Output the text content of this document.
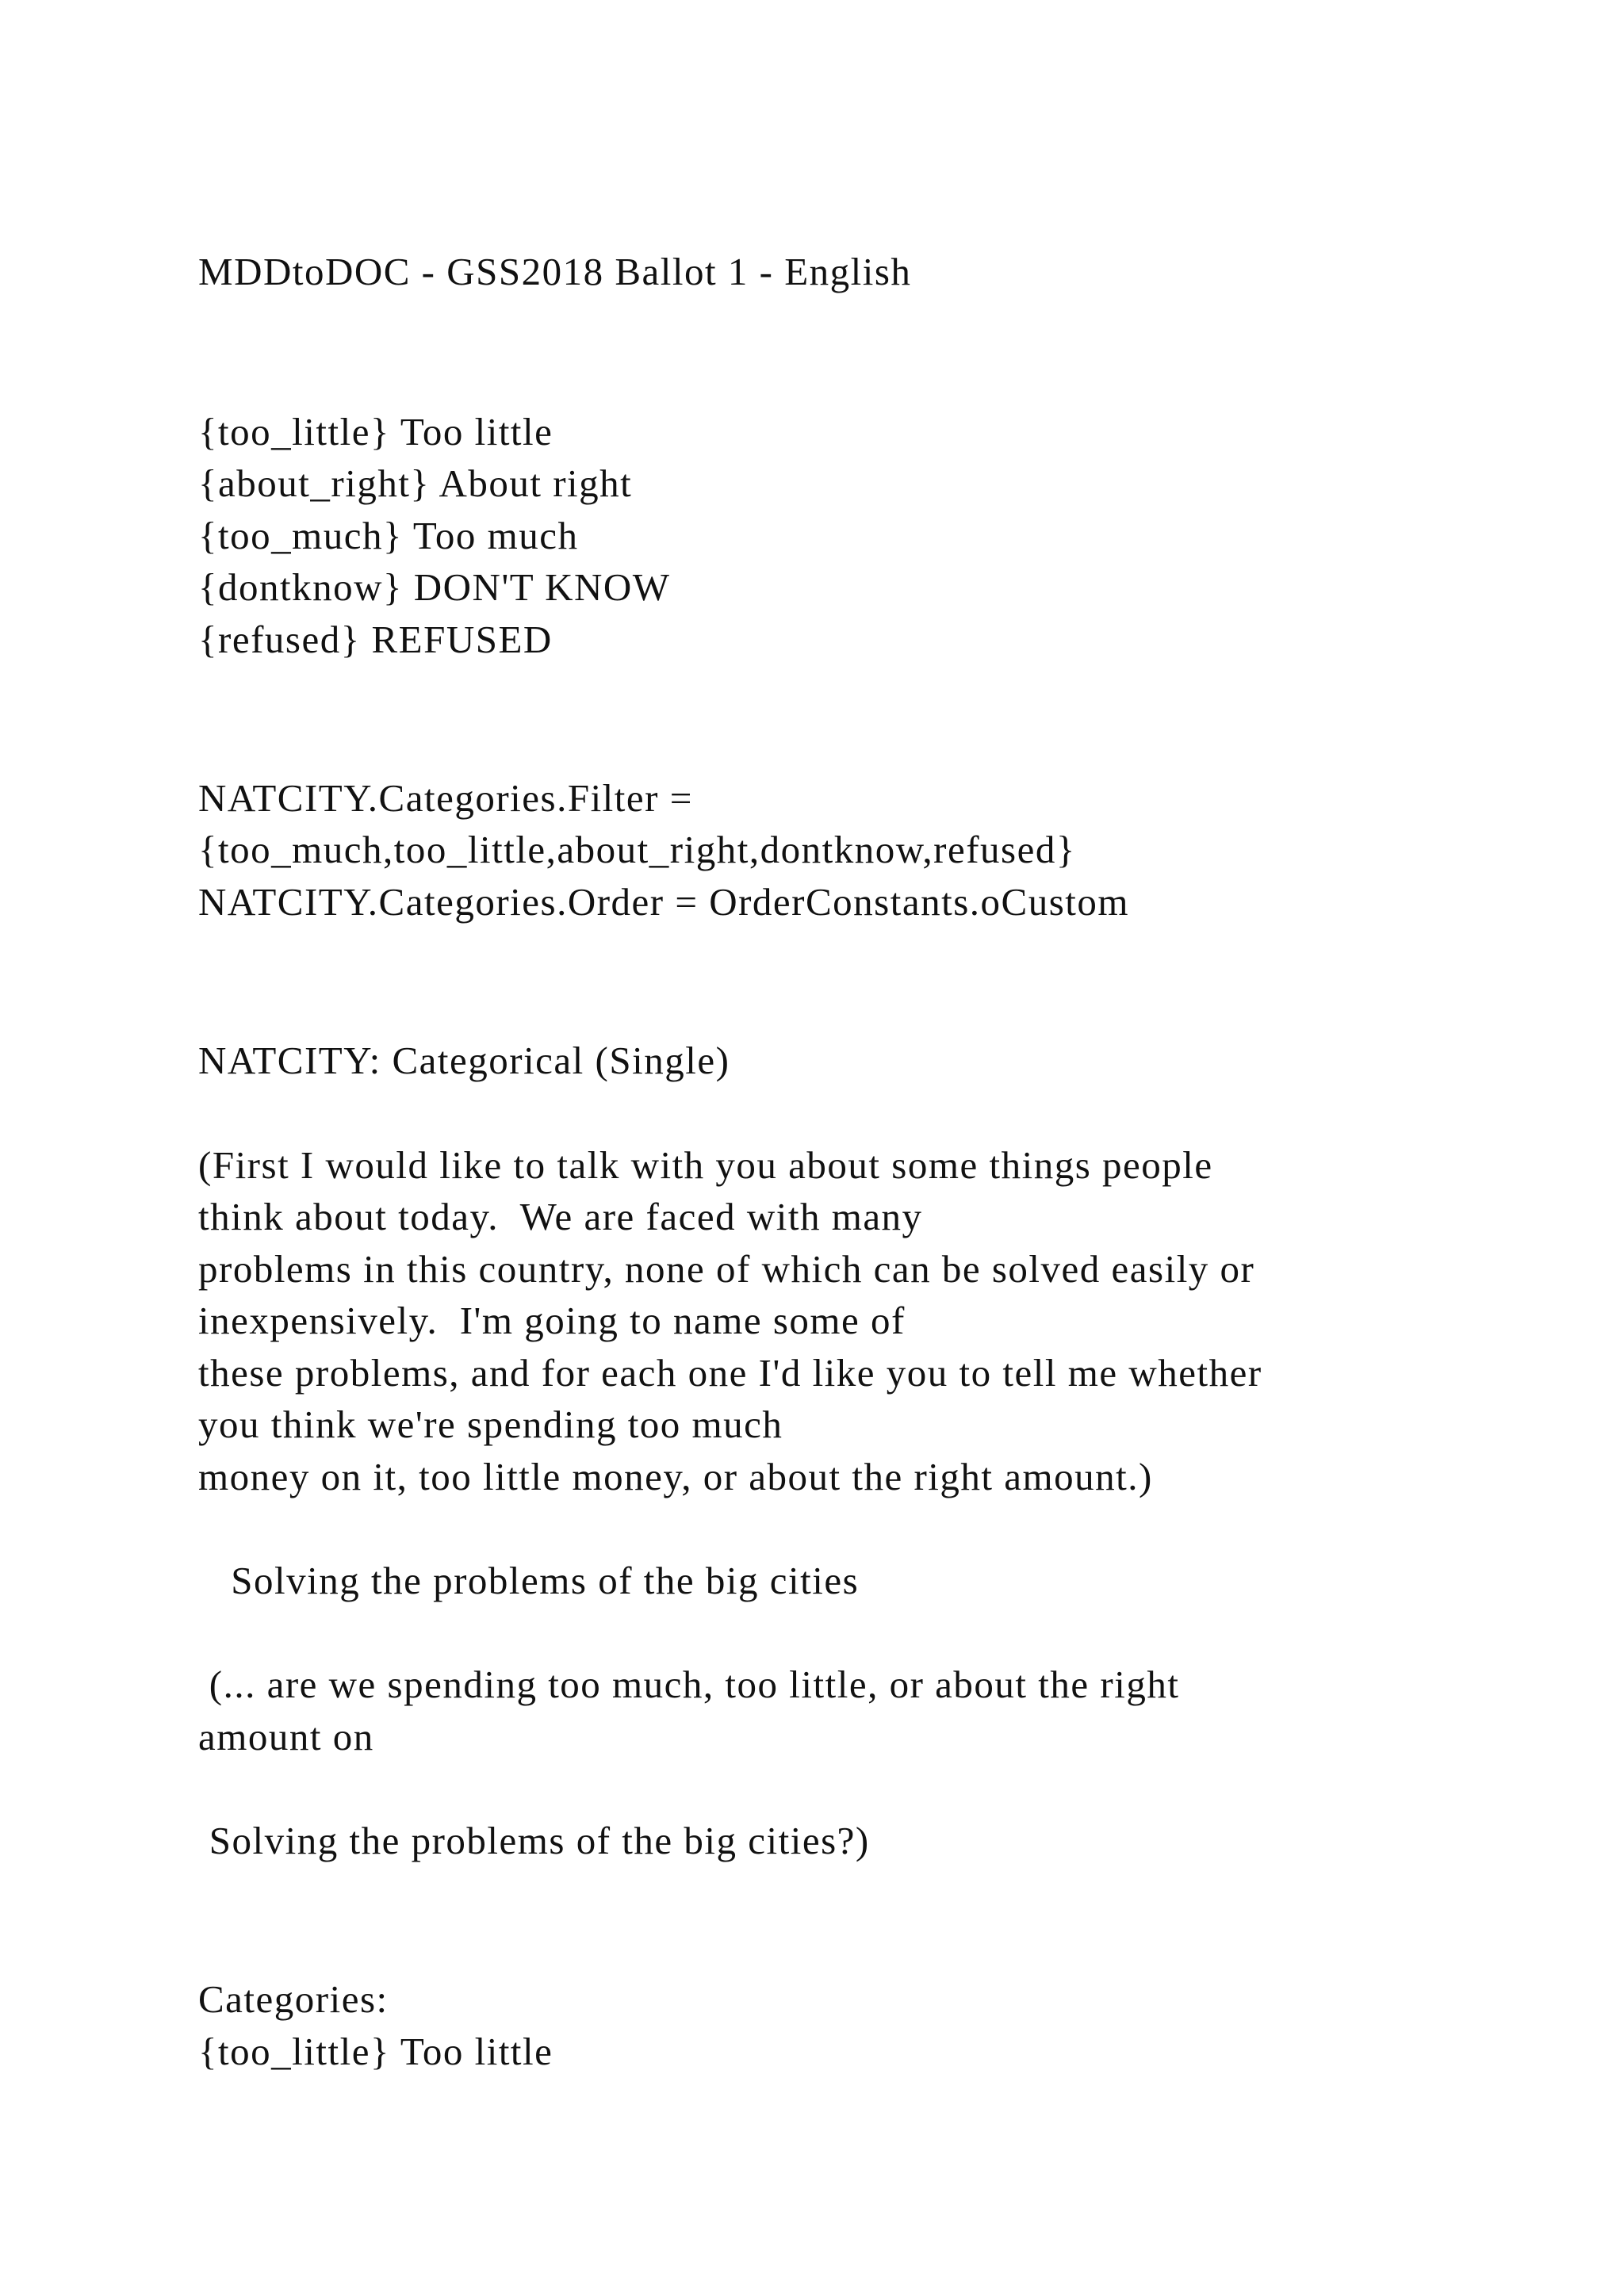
MDDtoDOC - GSS2018 Ballot 1 - English
{too_little} Too little
{about_right} About right
{too_much} Too much
{dontknow} DON'T KNOW
{refused} REFUSED
NATCITY.Categories.Filter =
{too_much,too_little,about_right,dontknow,refused}
NATCITY.Categories.Order = OrderConstants.oCustom
NATCITY: Categorical (Single)
(First I would like to talk with you about some things people
think about today.  We are faced with many
problems in this country, none of which can be solved easily or
inexpensively.  I'm going to name some of
these problems, and for each one I'd like you to tell me whether
you think we're spending too much
money on it, too little money, or about the right amount.)
Solving the problems of the big cities
(... are we spending too much, too little, or about the right
amount on
Solving the problems of the big cities?)
Categories:
{too_little} Too little
